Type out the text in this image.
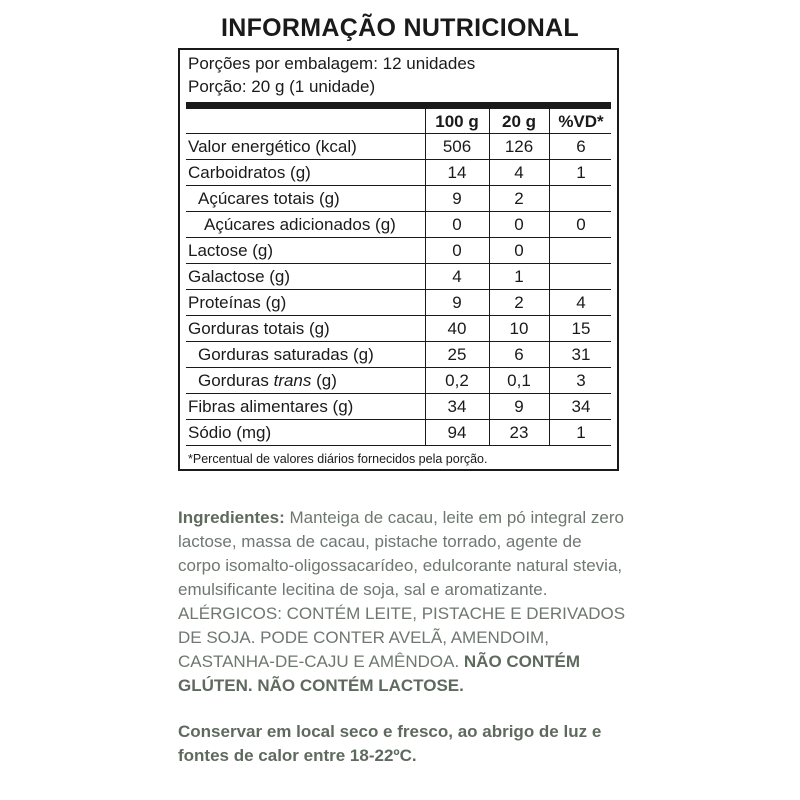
INFORMAÇÃO NUTRICIONAL
Porções por embalagem: 12 unidades
Porção: 20 g (1 unidade)
100 g	20 g	%VD*
Valor energético (kcal)	506	126	6
Carboidratos (g)	14	4	1
Açúcares totais (g)	9	2
Açúcares adicionados (g)	0	0	0
Lactose (g)	0	0
Galactose (g)	4	1
Proteínas (g)	9	2	4
Gorduras totais (g)	40	10	15
Gorduras saturadas (g)	25	6	31
Gorduras trans (g)	0,2	0,1	3
Fibras alimentares (g)	34	9	34
Sódio (mg)	94	23	1
*Percentual de valores diários fornecidos pela porção.
Ingredientes: Manteiga de cacau, leite em pó integral zero lactose, massa de cacau, pistache torrado, agente de corpo isomalto-oligossacarídeo, edulcorante natural stevia, emulsificante lecitina de soja, sal e aromatizante. ALÉRGICOS: CONTÉM LEITE, PISTACHE E DERIVADOS DE SOJA. PODE CONTER AVELÃ, AMENDOIM, CASTANHA-DE-CAJU E AMÊNDOA. NÃO CONTÉM GLÚTEN. NÃO CONTÉM LACTOSE.
Conservar em local seco e fresco, ao abrigo de luz e fontes de calor entre 18-22ºC.
